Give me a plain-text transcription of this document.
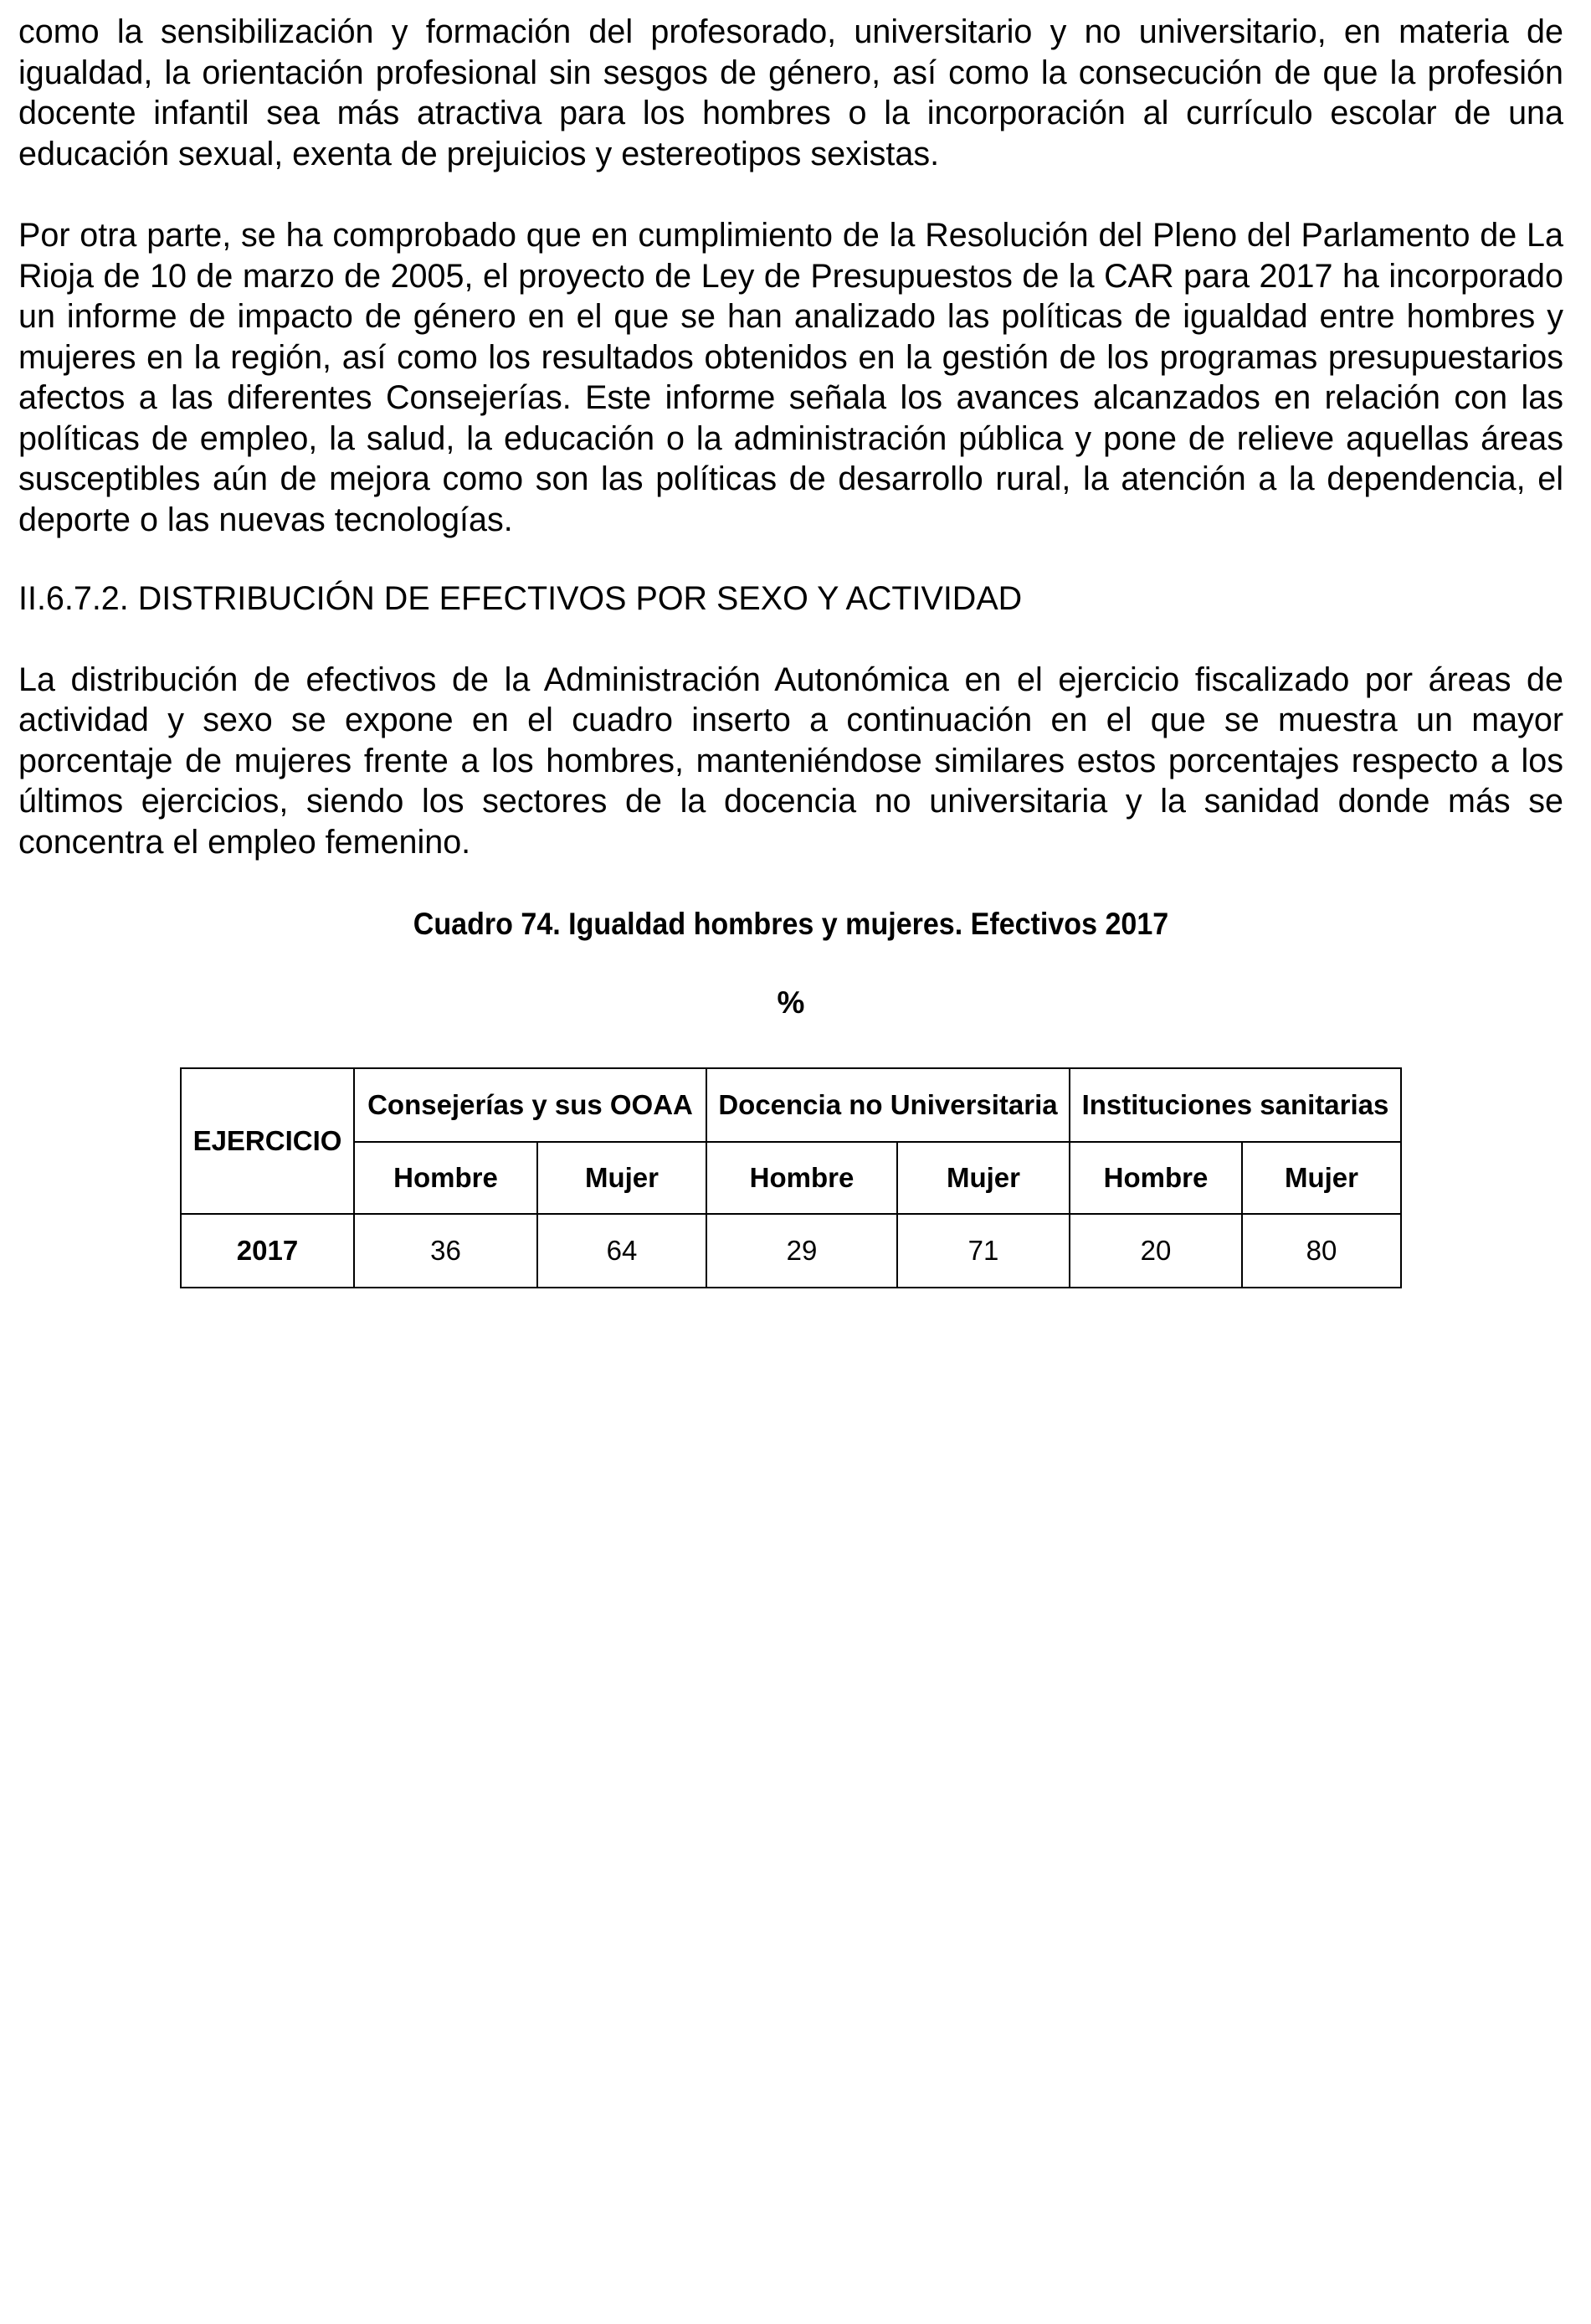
como la sensibilización y formación del profesorado, universitario y no universitario, en materia de igualdad, la orientación profesional sin sesgos de género, así como la consecución de que la profesión docente infantil sea más atractiva para los hombres o la incorporación al currículo escolar de una educación sexual, exenta de prejuicios y estereotipos sexistas.

Por otra parte, se ha comprobado que en cumplimiento de la Resolución del Pleno del Parlamento de La Rioja de 10 de marzo de 2005, el proyecto de Ley de Presupuestos de la CAR para 2017 ha incorporado un informe de impacto de género en el que se han analizado las políticas de igualdad entre hombres y mujeres en la región, así como los resultados obtenidos en la gestión de los programas presupuestarios afectos a las diferentes Consejerías. Este informe señala los avances alcanzados en relación con las políticas de empleo, la salud, la educación o la administración pública y pone de relieve aquellas áreas susceptibles aún de mejora como son las políticas de desarrollo rural, la atención a la dependencia, el deporte o las nuevas tecnologías.

II.6.7.2. DISTRIBUCIÓN DE EFECTIVOS POR SEXO Y ACTIVIDAD

La distribución de efectivos de la Administración Autonómica en el ejercicio fiscalizado por áreas de actividad y sexo se expone en el cuadro inserto a continuación en el que se muestra un mayor porcentaje de mujeres frente a los hombres, manteniéndose similares estos porcentajes respecto a los últimos ejercicios, siendo los sectores de la docencia no universitaria y la sanidad donde más se concentra el empleo femenino.

Cuadro 74. Igualdad hombres y mujeres. Efectivos 2017
%
EJERCICIO	Consejerías y sus OOAA		Docencia no Universitaria		Instituciones sanitarias	
	Hombre	Mujer	Hombre	Mujer	Hombre	Mujer
2017	36	64	29	71	20	80
